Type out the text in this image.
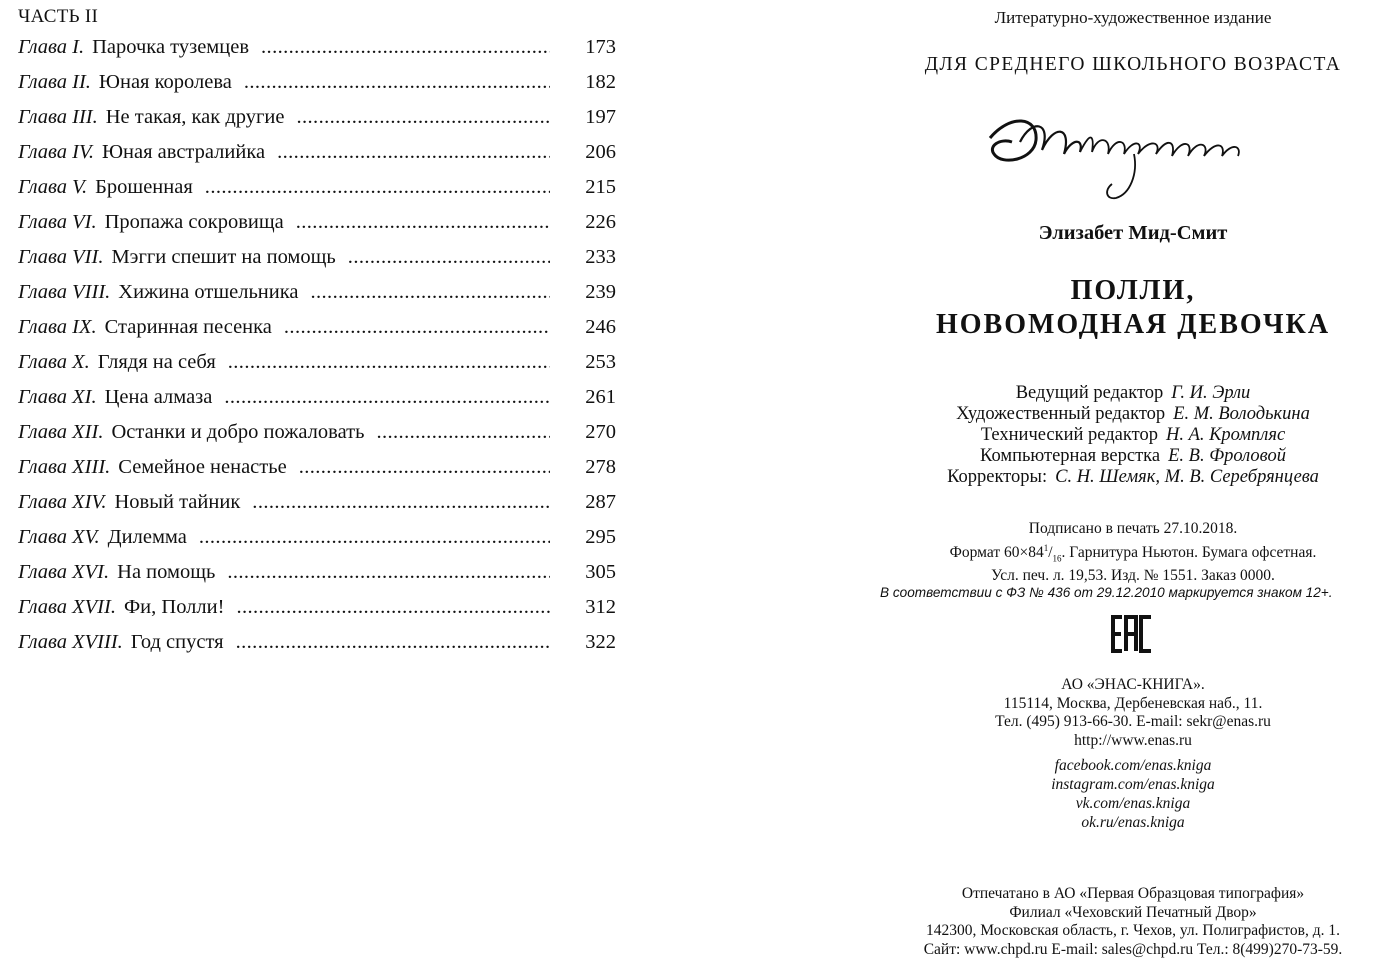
ЧАСТЬ II
Глава I. Парочка туземцев .....	173
Глава II. Юная королева .....	182
Глава III. Не такая, как другие .....	197
Глава IV. Юная австралийка .....	206
Глава V. Брошенная .....	215
Глава VI. Пропажа сокровища .....	226
Глава VII. Мэгги спешит на помощь .....	233
Глава VIII. Хижина отшельника .....	239
Глава IX. Старинная песенка .....	246
Глава X. Глядя на себя .....	253
Глава XI. Цена алмаза .....	261
Глава XII. Останки и добро пожаловать .....	270
Глава XIII. Семейное ненастье .....	278
Глава XIV. Новый тайник .....	287
Глава XV. Дилемма .....	295
Глава XVI. На помощь .....	305
Глава XVII. Фи, Полли! .....	312
Глава XVIII. Год спустя .....	322
Литературно-художественное издание
ДЛЯ СРЕДНЕГО ШКОЛЬНОГО ВОЗРАСТА
Элизабет Мид-Смит
ПОЛЛИ,
НОВОМОДНАЯ ДЕВОЧКА
Ведущий редактор Г. И. Эрли
Художественный редактор Е. М. Володькина
Технический редактор Н. А. Кромпляс
Компьютерная верстка Е. В. Фроловой
Корректоры: С. Н. Шемяк, М. В. Серебрянцева
Подписано в печать 27.10.2018.
Формат $60\times 84^1/_{16}$. Гарнитура Ньютон. Бумага офсетная.
Усл. печ. л. 19,53. Изд. № 1551. Заказ 0000.
В соответствии с ФЗ № 436 от 29.12.2010 маркируется знаком 12+.
АО «ЭНАС-КНИГА».
115114, Москва, Дербеневская наб., 11.
Тел. (495) 913-66-30. E-mail: sekr@enas.ru
http://www.enas.ru
facebook.com/enas.kniga
instagram.com/enas.kniga
vk.com/enas.kniga
ok.ru/enas.kniga
Отпечатано в АО «Первая Образцовая типография»
Филиал «Чеховский Печатный Двор»
142300, Московская область, г. Чехов, ул. Полиграфистов, д. 1.
Сайт: www.chpd.ru E-mail: sales@chpd.ru Тел.: 8(499)270-73-59.
